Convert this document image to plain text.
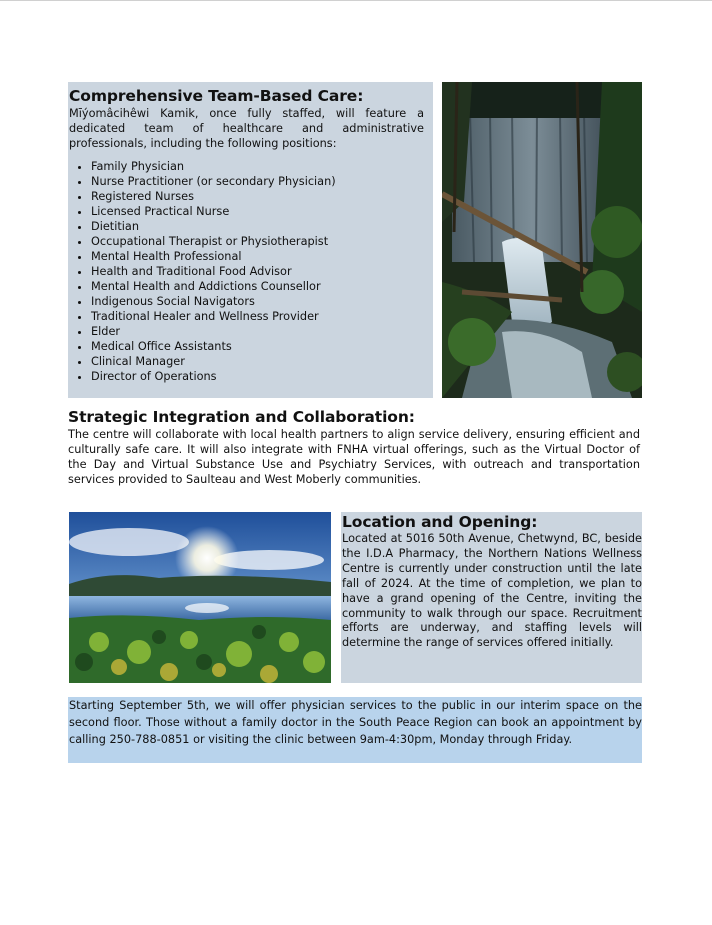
Comprehensive Team-Based Care:

Mīýomâcihêwi Kamik, once fully staffed, will feature a dedicated team of healthcare and administrative professionals, including the following positions:

• Family Physician
• Nurse Practitioner (or secondary Physician)
• Registered Nurses
• Licensed Practical Nurse
• Dietitian
• Occupational Therapist or Physiotherapist
• Mental Health Professional
• Health and Traditional Food Advisor
• Mental Health and Addictions Counsellor
• Indigenous Social Navigators
• Traditional Healer and Wellness Provider
• Elder
• Medical Office Assistants
• Clinical Manager
• Director of Operations
Strategic Integration and Collaboration:

The centre will collaborate with local health partners to align service delivery, ensuring efficient and culturally safe care. It will also integrate with FNHA virtual offerings, such as the Virtual Doctor of the Day and Virtual Substance Use and Psychiatry Services, with outreach and transportation services provided to Saulteau and West Moberly communities.

Location and Opening:

Located at 5016 50th Avenue, Chetwynd, BC, beside the I.D.A Pharmacy, the Northern Nations Wellness Centre is currently under construction until the late fall of 2024. At the time of completion, we plan to have a grand opening of the Centre, inviting the community to walk through our space. Recruitment efforts are underway, and staffing levels will determine the range of services offered initially.

Starting September 5th, we will offer physician services to the public in our interim space on the second floor. Those without a family doctor in the South Peace Region can book an appointment by calling 250-788-0851 or visiting the clinic between 9am-4:30pm, Monday through Friday.
